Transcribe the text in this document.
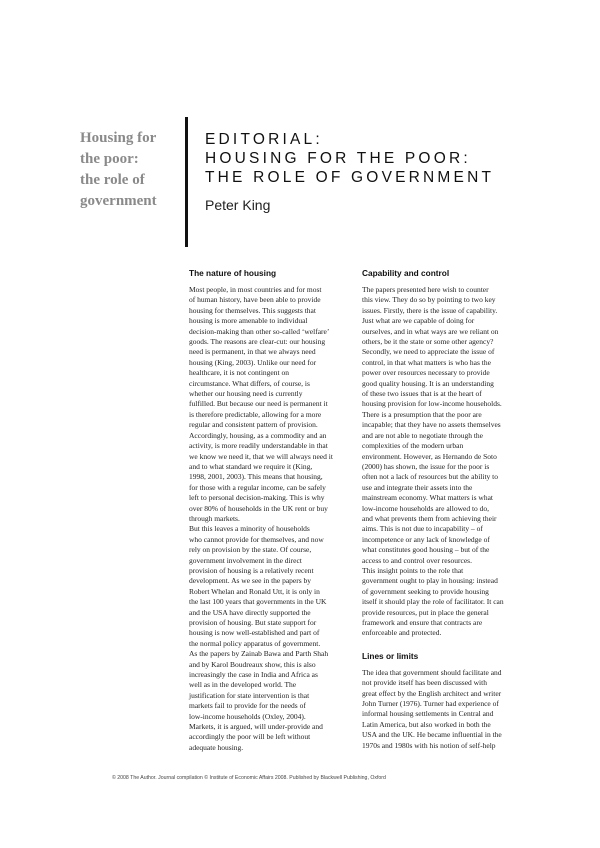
Housing for
the poor:
the role of
government
EDITORIAL:
HOUSING FOR THE POOR:
THE ROLE OF GOVERNMENT
Peter King
The nature of housing
Most people, in most countries and for most
of human history, have been able to provide
housing for themselves. This suggests that
housing is more amenable to individual
decision-making than other so-called ‘welfare’
goods. The reasons are clear-cut: our housing
need is permanent, in that we always need
housing (King, 2003). Unlike our need for
healthcare, it is not contingent on
circumstance. What differs, of course, is
whether our housing need is currently
fulfilled. But because our need is permanent it
is therefore predictable, allowing for a more
regular and consistent pattern of provision.
Accordingly, housing, as a commodity and an
activity, is more readily understandable in that
we know we need it, that we will always need it
and to what standard we require it (King,
1998, 2001, 2003). This means that housing,
for those with a regular income, can be safely
left to personal decision-making. This is why
over 80% of households in the UK rent or buy
through markets.
But this leaves a minority of households
who cannot provide for themselves, and now
rely on provision by the state. Of course,
government involvement in the direct
provision of housing is a relatively recent
development. As we see in the papers by
Robert Whelan and Ronald Utt, it is only in
the last 100 years that governments in the UK
and the USA have directly supported the
provision of housing. But state support for
housing is now well-established and part of
the normal policy apparatus of government.
As the papers by Zainab Bawa and Parth Shah
and by Karol Boudreaux show, this is also
increasingly the case in India and Africa as
well as in the developed world. The
justification for state intervention is that
markets fail to provide for the needs of
low-income households (Oxley, 2004).
Markets, it is argued, will under-provide and
accordingly the poor will be left without
adequate housing.
Capability and control
The papers presented here wish to counter
this view. They do so by pointing to two key
issues. Firstly, there is the issue of capability.
Just what are we capable of doing for
ourselves, and in what ways are we reliant on
others, be it the state or some other agency?
Secondly, we need to appreciate the issue of
control, in that what matters is who has the
power over resources necessary to provide
good quality housing. It is an understanding
of these two issues that is at the heart of
housing provision for low-income households.
There is a presumption that the poor are
incapable; that they have no assets themselves
and are not able to negotiate through the
complexities of the modern urban
environment. However, as Hernando de Soto
(2000) has shown, the issue for the poor is
often not a lack of resources but the ability to
use and integrate their assets into the
mainstream economy. What matters is what
low-income households are allowed to do,
and what prevents them from achieving their
aims. This is not due to incapability – of
incompetence or any lack of knowledge of
what constitutes good housing – but of the
access to and control over resources.
This insight points to the role that
government ought to play in housing: instead
of government seeking to provide housing
itself it should play the role of facilitator. It can
provide resources, put in place the general
framework and ensure that contracts are
enforceable and protected.
Lines or limits
The idea that government should facilitate and
not provide itself has been discussed with
great effect by the English architect and writer
John Turner (1976). Turner had experience of
informal housing settlements in Central and
Latin America, but also worked in both the
USA and the UK. He became influential in the
1970s and 1980s with his notion of self-help
© 2008 The Author. Journal compilation © Institute of Economic Affairs 2008. Published by Blackwell Publishing, Oxford
